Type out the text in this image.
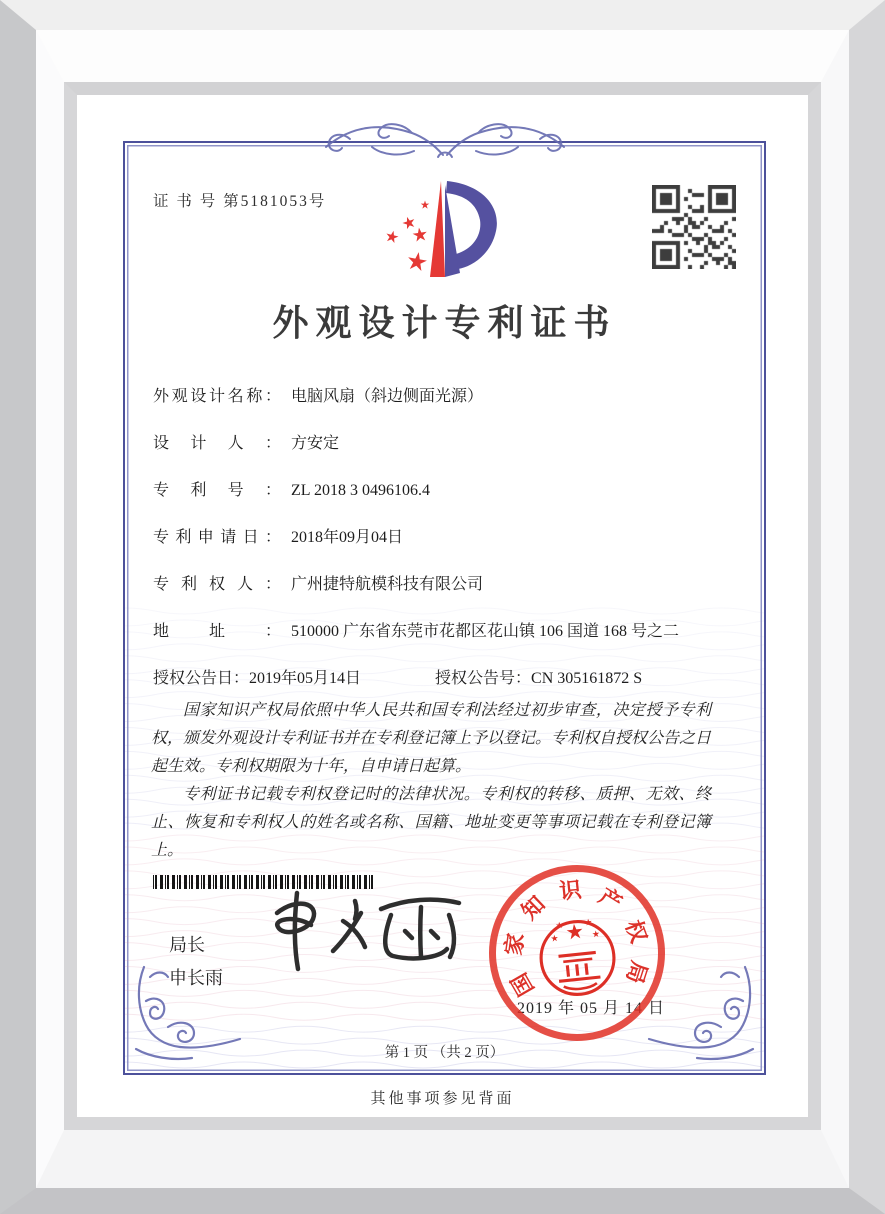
证 书 号 第5181053号
外观设计专利证书
外观设计名称： 电脑风扇（斜边侧面光源）
设计人： 方安定
专利号： ZL 2018 3 0496106.4
专利申请日： 2018年09月04日
专利权人： 广州捷特航模科技有限公司
地址： 510000 广东省东莞市花都区花山镇 106 国道 168 号之二
授权公告日：2019年05月14日	授权公告号：CN 305161872 S

国家知识产权局依照中华人民共和国专利法经过初步审查，决定授予专利权，颁发外观设计专利证书并在专利登记簿上予以登记。专利权自授权公告之日起生效。专利权期限为十年，自申请日起算。

专利证书记载专利权登记时的法律状况。专利权的转移、质押、无效、终止、恢复和专利权人的姓名或名称、国籍、地址变更等事项记载在专利登记簿上。

局长
申长雨
2019 年 05 月 14 日
国
家
知
识 产
权
局
第 1 页 （共 2 页）
其他事项参见背面
